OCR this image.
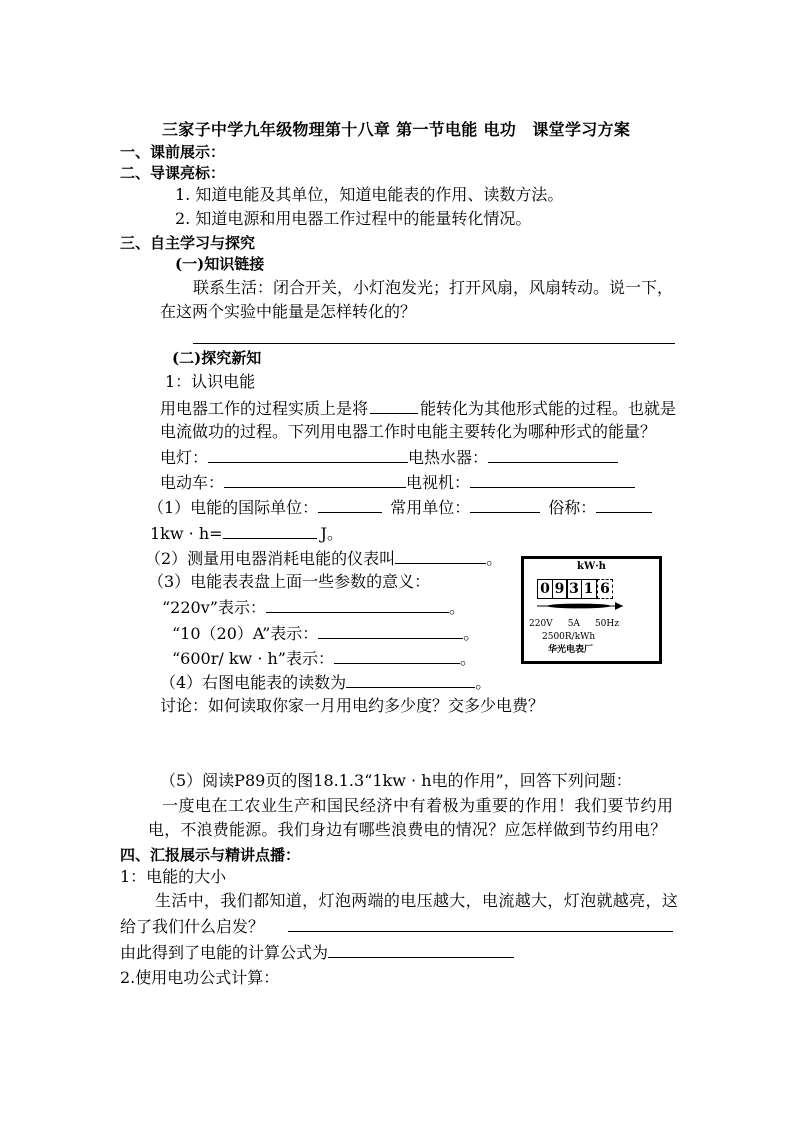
三家子中学九年级物理第十八章 第一节电能 电功　课堂学习方案
一、课前展示：
二、导课亮标：
1. 知道电能及其单位，知道电能表的作用、读数方法。
2. 知道电源和用电器工作过程中的能量转化情况。
三、自主学习与探究
(一)知识链接
联系生活：闭合开关，小灯泡发光；打开风扇，风扇转动。说一下，
在这两个实验中能量是怎样转化的？
(二)探究新知
1：认识电能
用电器工作的过程实质上是将	能转化为其他形式能的过程。也就是
电流做功的过程。下列用电器工作时电能主要转化为哪种形式的能量？
电灯：	电热水器：
电动车：	电视机：
（1）电能的国际单位：	常用单位：	俗称：
1kw · h=	J。
（2）测量用电器消耗电能的仪表叫	。
（3）电能表表盘上面一些参数的意义：
“220v”表示：	。
“10（20）A”表示：	。
“600r/ kw · h”表示：	。
（4）右图电能表的读数为	。
讨论：如何读取你家一月用电约多少度？交多少电费？
（5）阅读P89页的图18.1.3“1kw · h电的作用”，回答下列问题：
一度电在工农业生产和国民经济中有着极为重要的作用！我们要节约用
电，不浪费能源。我们身边有哪些浪费电的情况？应怎样做到节约用电？
四、汇报展示与精讲点播：
1：电能的大小
生活中，我们都知道，灯泡两端的电压越大，电流越大，灯泡就越亮，这
给了我们什么启发？
由此得到了电能的计算公式为
2.使用电功公式计算：
kW·h
0 9 3 1 6
220V 5A 50Hz
2500R/kWh
华光电表厂
